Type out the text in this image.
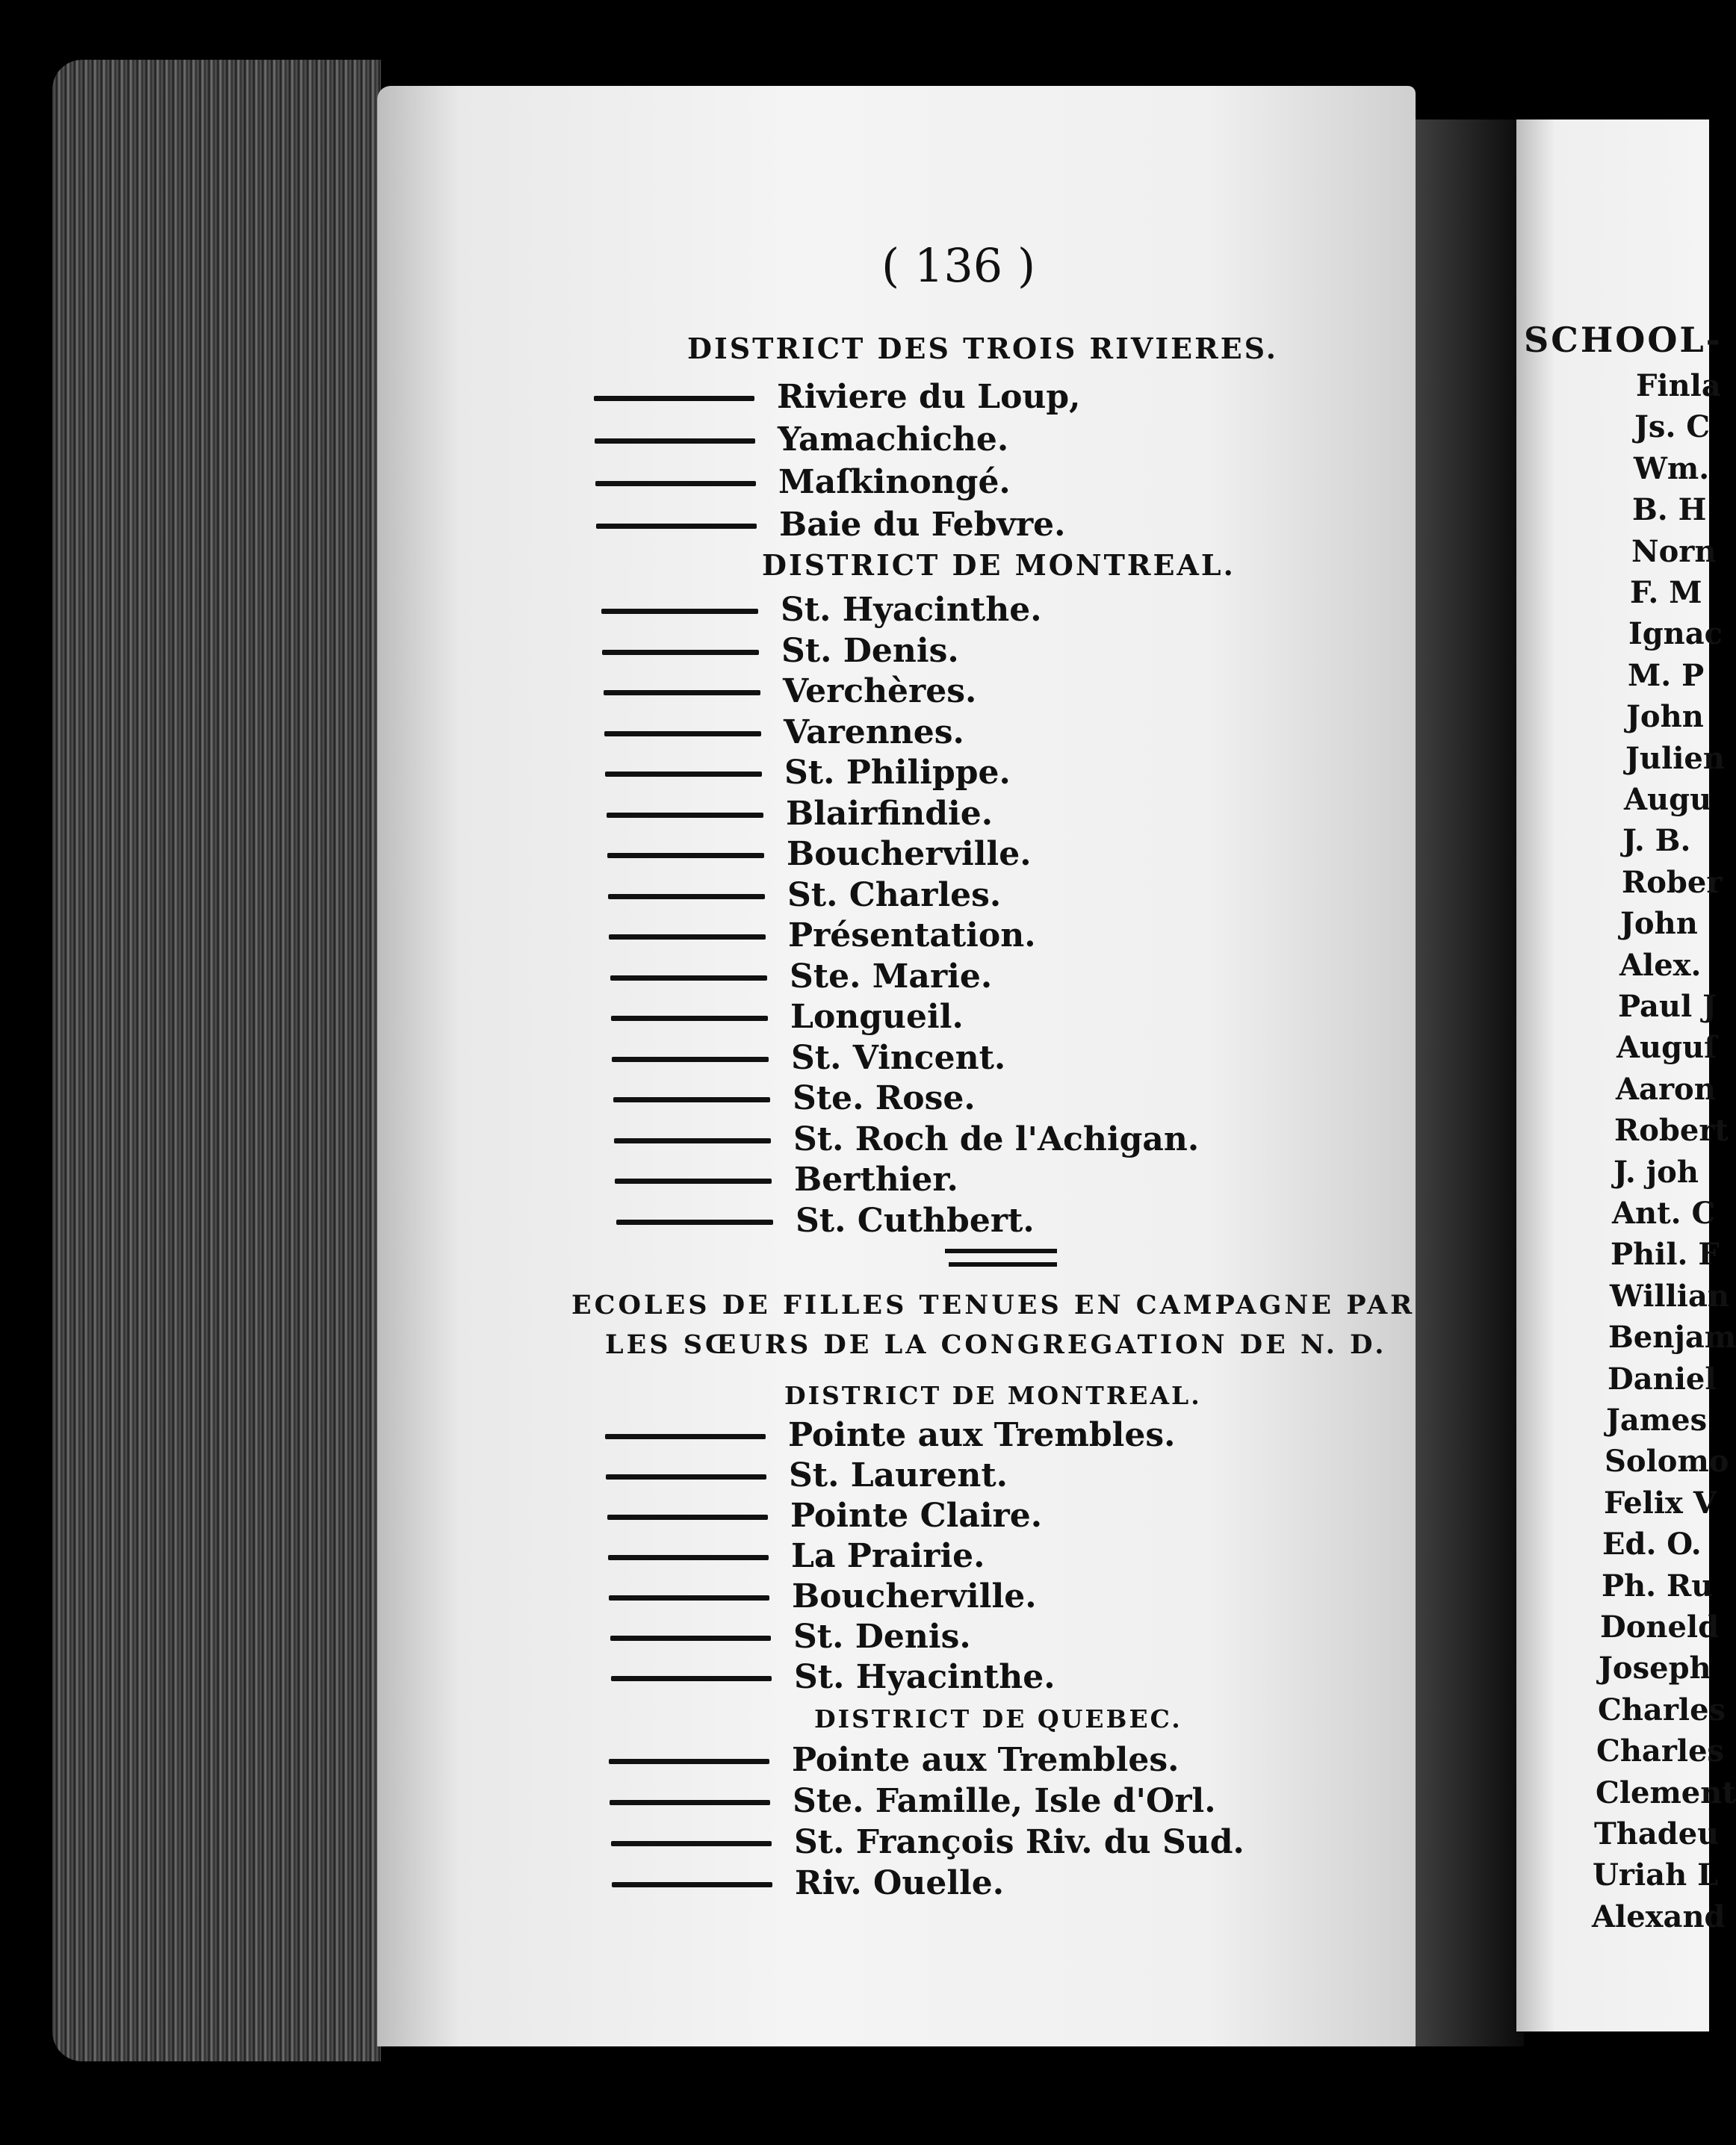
( 136 )
DISTRICT DES TROIS RIVIERES.
Riviere du Loup,
Yamachiche.
Maſkinongé.
Baie du Febvre.
DISTRICT DE MONTREAL.
St. Hyacinthe.
St. Denis.
Verchères.
Varennes.
St. Philippe.
Blairfindie.
Boucherville.
St. Charles.
Présentation.
Ste. Marie.
Longueil.
St. Vincent.
Ste. Rose.
St. Roch de l'Achigan.
Berthier.
St. Cuthbert.
ECOLES DE FILLES TENUES EN CAMPAGNE PAR
LES SŒURS DE LA CONGREGATION DE N. D.
DISTRICT DE MONTREAL.
Pointe aux Trembles.
St. Laurent.
Pointe Claire.
La Prairie.
Boucherville.
St. Denis.
St. Hyacinthe.
DISTRICT DE QUEBEC.
Pointe aux Trembles.
Ste. Famille, Isle d'Orl.
St. François Riv. du Sud.
Riv. Ouelle.
SCHOOL-
Finla
Js. C
Wm.
B. H
Norn
F. M
Ignac
M. P
John
Julien
Augu
J. B.
Rober
John
Alex.
Paul J
Auguſ
Aaron
Robert
J. joh
Ant. C
Phil. F
Willian
Benjam
Daniel
James
Solomo
Felix V
Ed. O.
Ph. Ru
Doneld
Joseph
Charles
Charles
Clement
Thadeu
Uriah L
Alexand
